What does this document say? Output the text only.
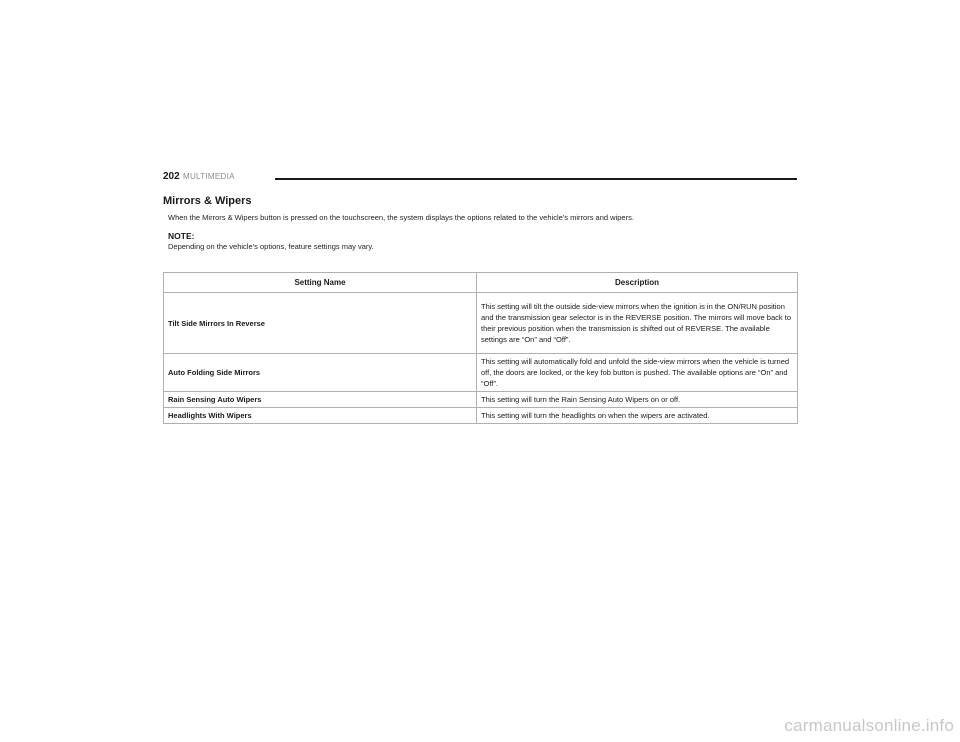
202 MULTIMEDIA
Mirrors & Wipers

When the Mirrors & Wipers button is pressed on the touchscreen, the system displays the options related to the vehicle’s mirrors and wipers.

NOTE:

Depending on the vehicle’s options, feature settings may vary.

Setting Name	Description
Tilt Side Mirrors In Reverse	This setting will tilt the outside side-view mirrors when the ignition is in the ON/RUN position and the transmission gear selector is in the REVERSE position. The mirrors will move back to their previous position when the transmission is shifted out of REVERSE. The available settings are “On” and “Off”.
Auto Folding Side Mirrors	This setting will automatically fold and unfold the side-view mirrors when the vehicle is turned off, the doors are locked, or the key fob button is pushed. The available options are “On” and “Off”.
Rain Sensing Auto Wipers	This setting will turn the Rain Sensing Auto Wipers on or off.
Headlights With Wipers	This setting will turn the headlights on when the wipers are activated.
carmanualsonline.info
